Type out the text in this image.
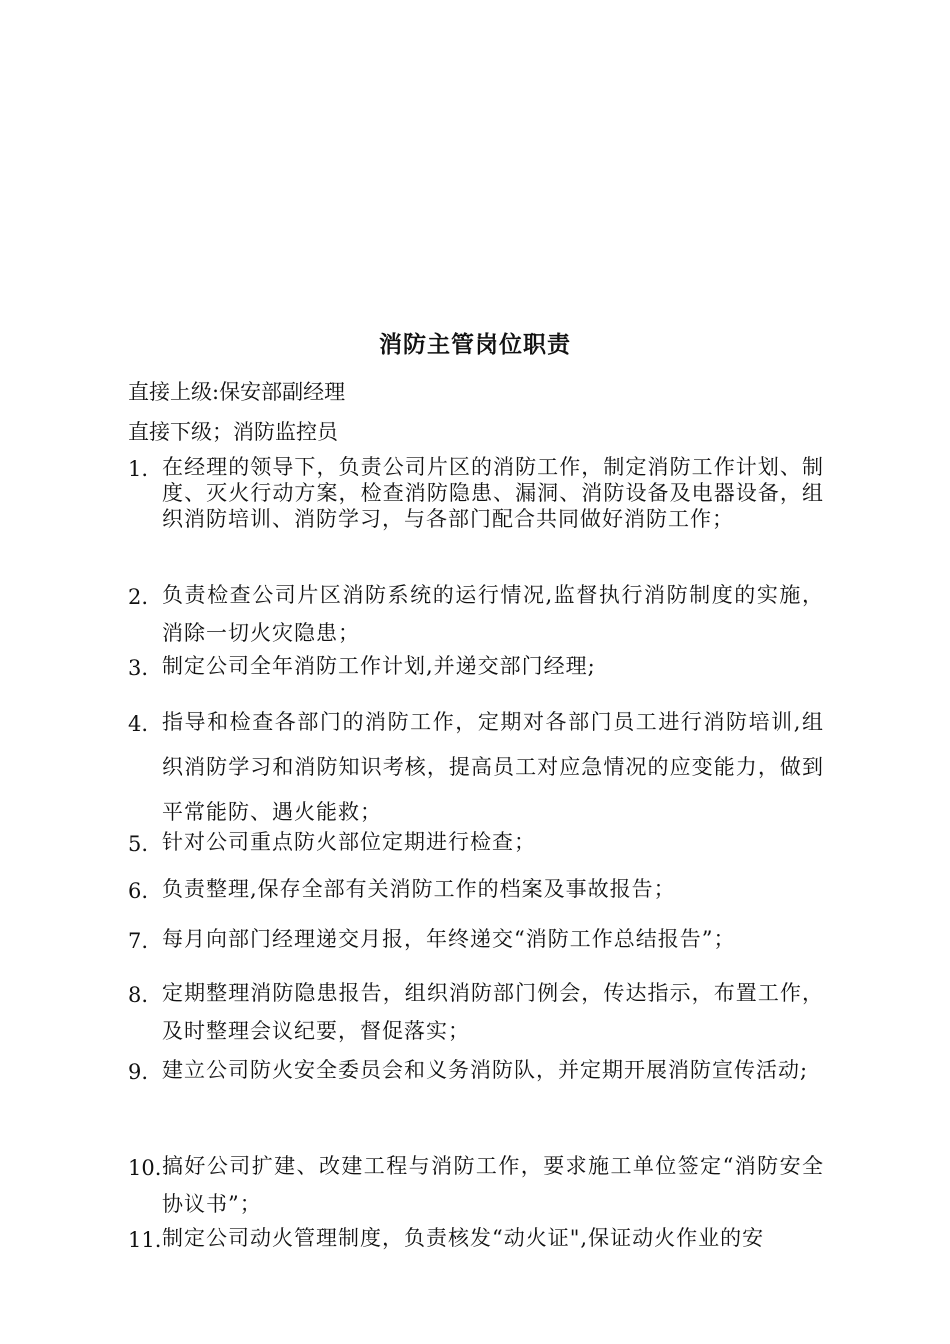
消防主管岗位职责
直接上级:保安部副经理
直接下级；消防监控员
1. 在经理的领导下，负责公司片区的消防工作，制定消防工作计划、制度、灭火行动方案，检查消防隐患、漏洞、消防设备及电器设备，组织消防培训、消防学习，与各部门配合共同做好消防工作；
2. 负责检查公司片区消防系统的运行情况,监督执行消防制度的实施，消除一切火灾隐患；
3. 制定公司全年消防工作计划,并递交部门经理;
4. 指导和检查各部门的消防工作，定期对各部门员工进行消防培训,组织消防学习和消防知识考核，提高员工对应急情况的应变能力，做到平常能防、遇火能救；
5. 针对公司重点防火部位定期进行检查；
6. 负责整理,保存全部有关消防工作的档案及事故报告；
7. 每月向部门经理递交月报，年终递交“消防工作总结报告”；
8. 定期整理消防隐患报告，组织消防部门例会，传达指示，布置工作，及时整理会议纪要，督促落实；
9. 建立公司防火安全委员会和义务消防队，并定期开展消防宣传活动;
10. 搞好公司扩建、改建工程与消防工作，要求施工单位签定“消防安全协议书”；
11. 制定公司动火管理制度，负责核发“动火证",保证动火作业的安
